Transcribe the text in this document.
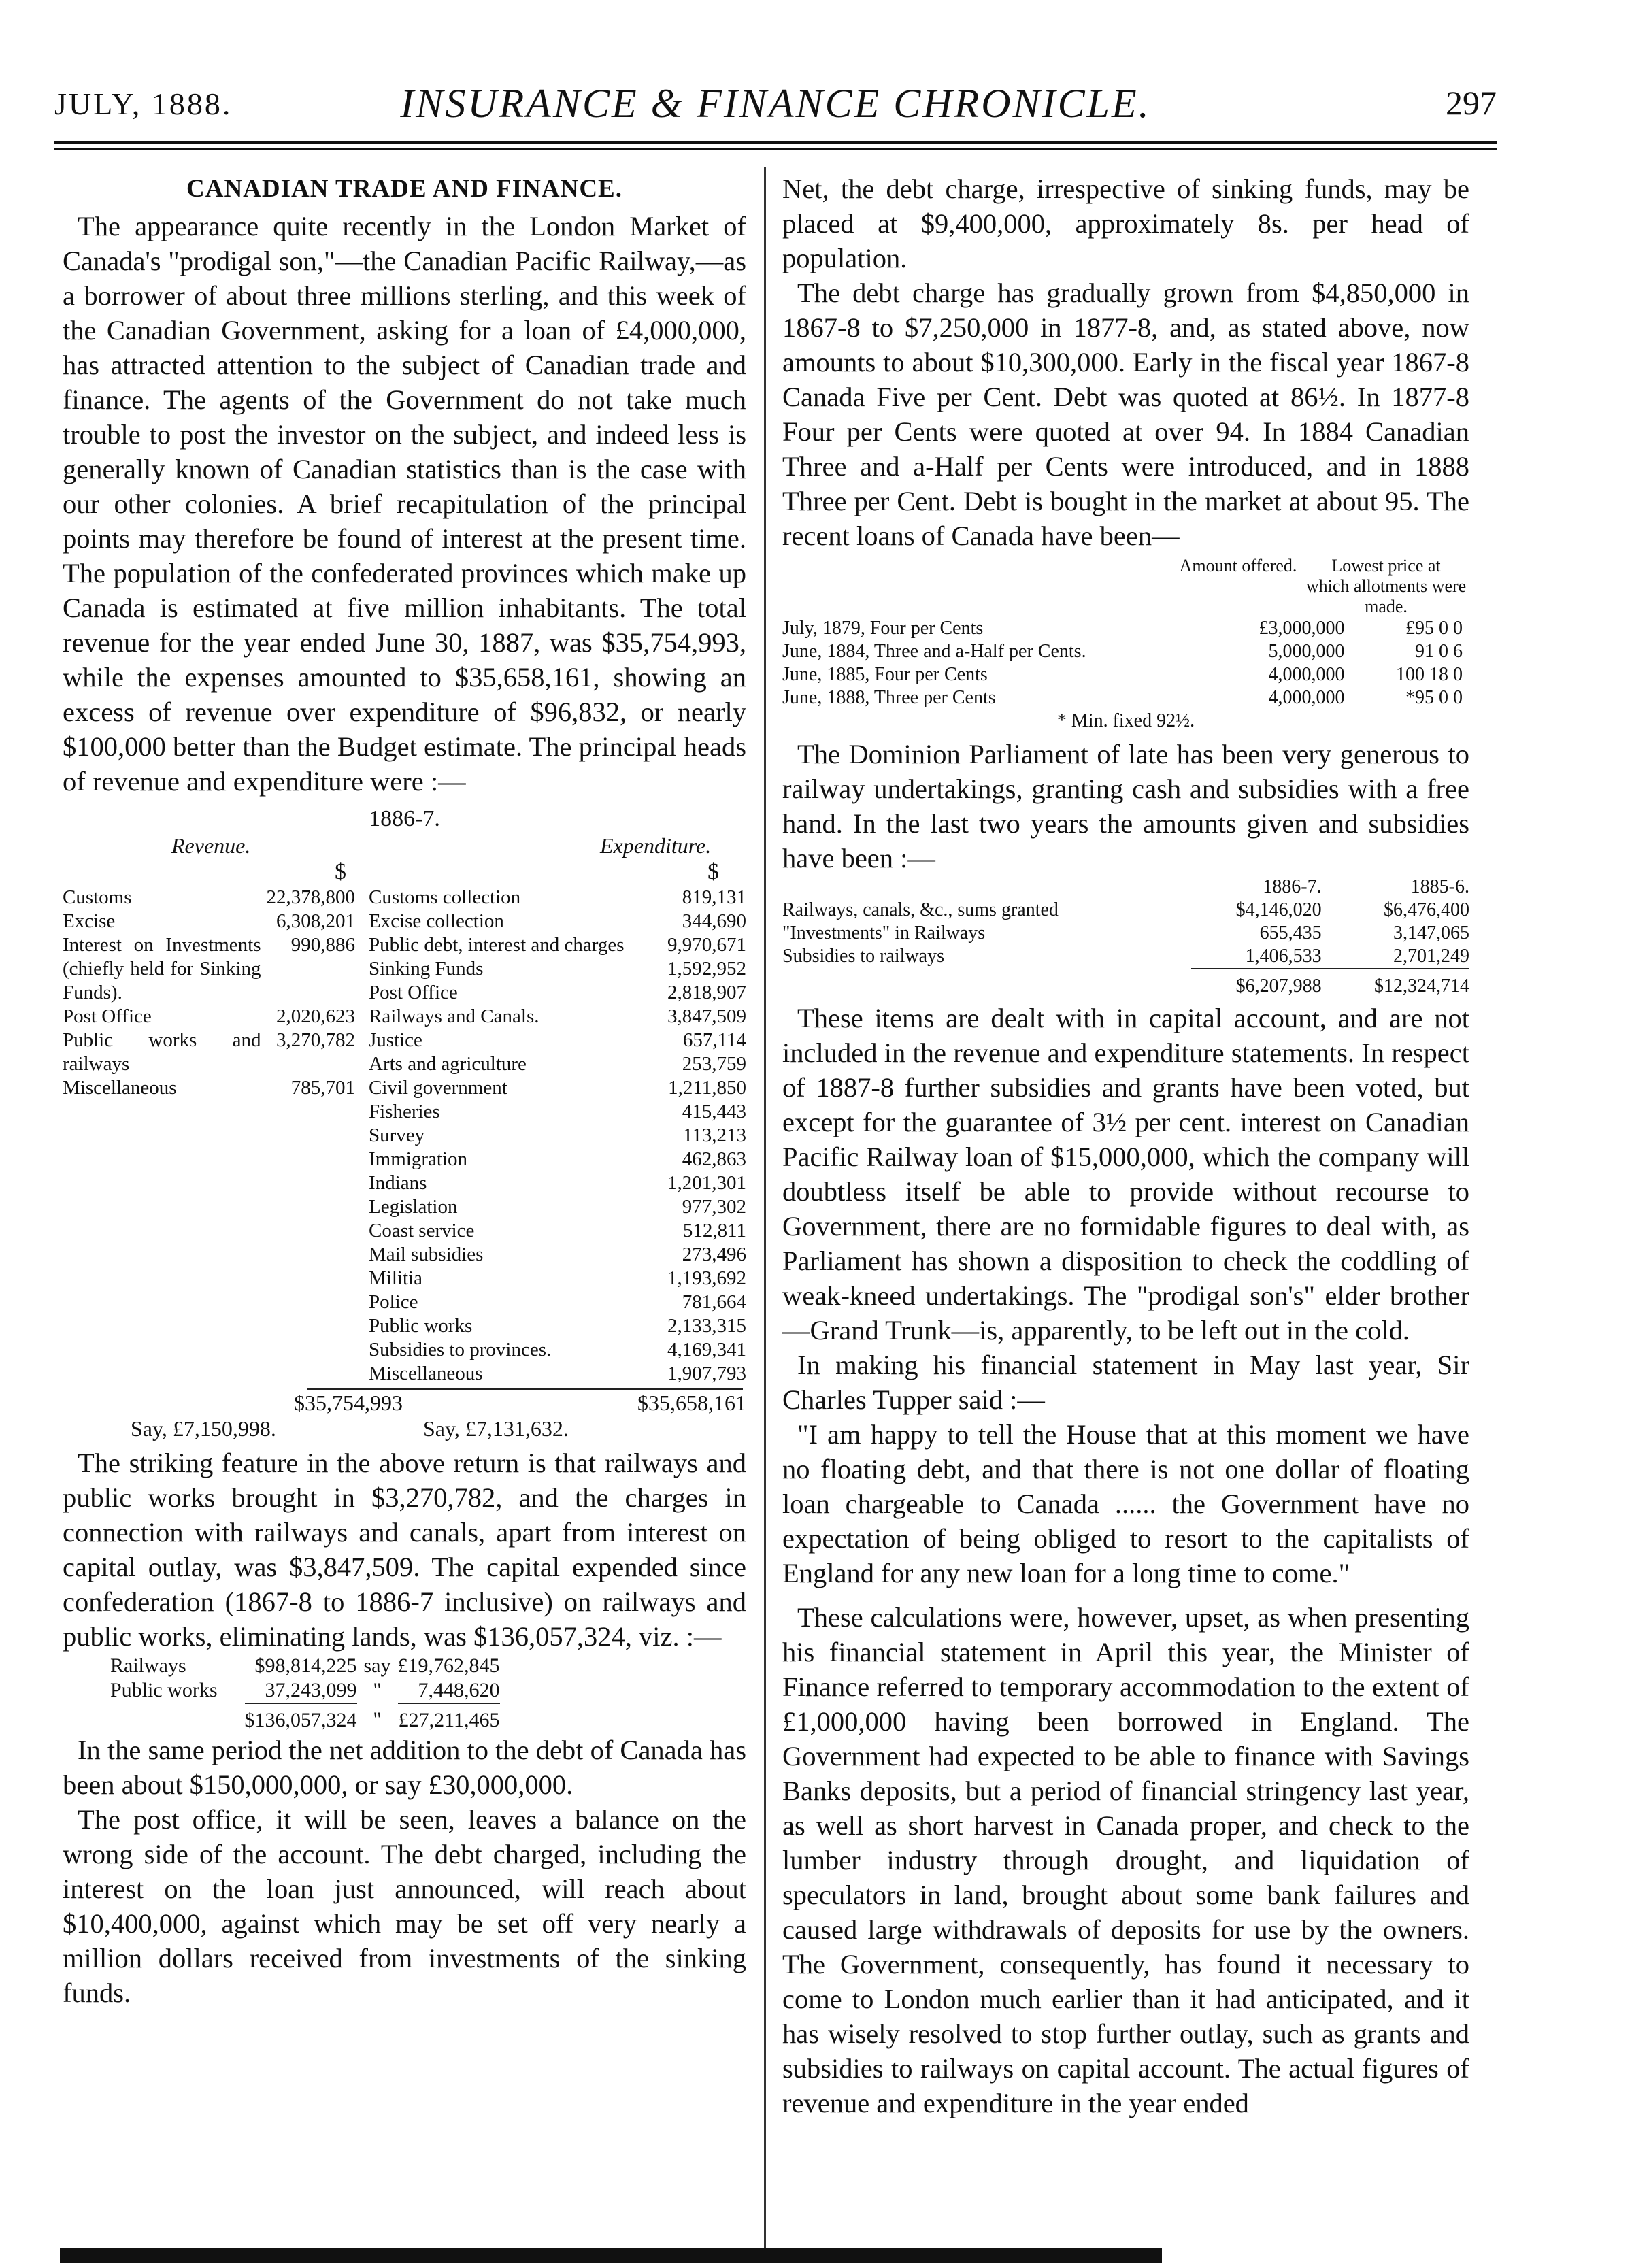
JULY, 1888.	INSURANCE & FINANCE CHRONICLE.	297
CANADIAN TRADE AND FINANCE.

The appearance quite recently in the London Market of Canada's "prodigal son,"—the Canadian Pacific Railway,—as a borrower of about three millions sterling, and this week of the Canadian Government, asking for a loan of £4,000,000, has attracted attention to the subject of Canadian trade and finance. The agents of the Government do not take much trouble to post the investor on the subject, and indeed less is generally known of Canadian statistics than is the case with our other colonies. A brief recapitulation of the principal points may therefore be found of interest at the present time. The population of the confederated provinces which make up Canada is estimated at five million inhabitants. The total revenue for the year ended June 30, 1887, was $35,754,993, while the expenses amounted to $35,658,161, showing an excess of revenue over expenditure of $96,832, or nearly $100,000 better than the Budget estimate. The principal heads of revenue and expenditure were :—

1886-7.
Revenue.	Expenditure.
$	$
Customs	22,378,800
Excise	6,308,201
Interest on Investments (chiefly held for Sinking Funds).	990,886
Post Office	2,020,623
Public works and railways	3,270,782
Miscellaneous	785,701
Customs collection	819,131
Excise collection	344,690
Public debt, interest and charges	9,970,671
Sinking Funds	1,592,952
Post Office	2,818,907
Railways and Canals.	3,847,509
Justice	657,114
Arts and agriculture	253,759
Civil government	1,211,850
Fisheries	415,443
Survey	113,213
Immigration	462,863
Indians	1,201,301
Legislation	977,302
Coast service	512,811
Mail subsidies	273,496
Militia	1,193,692
Police	781,664
Public works	2,133,315
Subsidies to provinces.	4,169,341
Miscellaneous	1,907,793
$35,754,993	$35,658,161
Say, £7,150,998.	Say, £7,131,632.

The striking feature in the above return is that railways and public works brought in $3,270,782, and the charges in connection with railways and canals, apart from interest on capital outlay, was $3,847,509. The capital expended since confederation (1867-8 to 1886-7 inclusive) on railways and public works, eliminating lands, was $136,057,324, viz. :—

Railways	$98,814,225	say	£19,762,845
Public works	37,243,099	"	7,448,620
	$136,057,324	"	£27,211,465

In the same period the net addition to the debt of Canada has been about $150,000,000, or say £30,000,000.

The post office, it will be seen, leaves a balance on the wrong side of the account. The debt charged, including the interest on the loan just announced, will reach about $10,400,000, against which may be set off very nearly a million dollars received from investments of the sinking funds.

Net, the debt charge, irrespective of sinking funds, may be placed at $9,400,000, approximately 8s. per head of population.

The debt charge has gradually grown from $4,850,000 in 1867-8 to $7,250,000 in 1877-8, and, as stated above, now amounts to about $10,300,000. Early in the fiscal year 1867-8 Canada Five per Cent. Debt was quoted at 86½. In 1877-8 Four per Cents were quoted at over 94. In 1884 Canadian Three and a-Half per Cents were introduced, and in 1888 Three per Cent. Debt is bought in the market at about 95. The recent loans of Canada have been—

Amount offered.	Lowest price at
which allotments were made.
July, 1879, Four per Cents	£3,000,000	£95 0 0
June, 1884, Three and a-Half per Cents.	5,000,000	91 0 6
June, 1885, Four per Cents	4,000,000	100 18 0
June, 1888, Three per Cents	4,000,000	*95 0 0
* Min. fixed 92½.

The Dominion Parliament of late has been very generous to railway undertakings, granting cash and subsidies with a free hand. In the last two years the amounts given and subsidies have been :—

	1886-7.	1885-6.
Railways, canals, &c., sums granted	$4,146,020	$6,476,400
"Investments" in Railways	655,435	3,147,065
Subsidies to railways	1,406,533	2,701,249
	$6,207,988	$12,324,714

These items are dealt with in capital account, and are not included in the revenue and expenditure statements. In respect of 1887-8 further subsidies and grants have been voted, but except for the guarantee of 3½ per cent. interest on Canadian Pacific Railway loan of $15,000,000, which the company will doubtless itself be able to provide without recourse to Government, there are no formidable figures to deal with, as Parliament has shown a disposition to check the coddling of weak-kneed undertakings. The "prodigal son's" elder brother—Grand Trunk—is, apparently, to be left out in the cold.

In making his financial statement in May last year, Sir Charles Tupper said :—

"I am happy to tell the House that at this moment we have no floating debt, and that there is not one dollar of floating loan chargeable to Canada ...... the Government have no expectation of being obliged to resort to the capitalists of England for any new loan for a long time to come."

These calculations were, however, upset, as when presenting his financial statement in April this year, the Minister of Finance referred to temporary accommodation to the extent of £1,000,000 having been borrowed in England. The Government had expected to be able to finance with Savings Banks deposits, but a period of financial stringency last year, as well as short harvest in Canada proper, and check to the lumber industry through drought, and liquidation of speculators in land, brought about some bank failures and caused large withdrawals of deposits for use by the owners. The Government, consequently, has found it necessary to come to London much earlier than it had anticipated, and it has wisely resolved to stop further outlay, such as grants and subsidies to railways on capital account. The actual figures of revenue and expenditure in the year ended
